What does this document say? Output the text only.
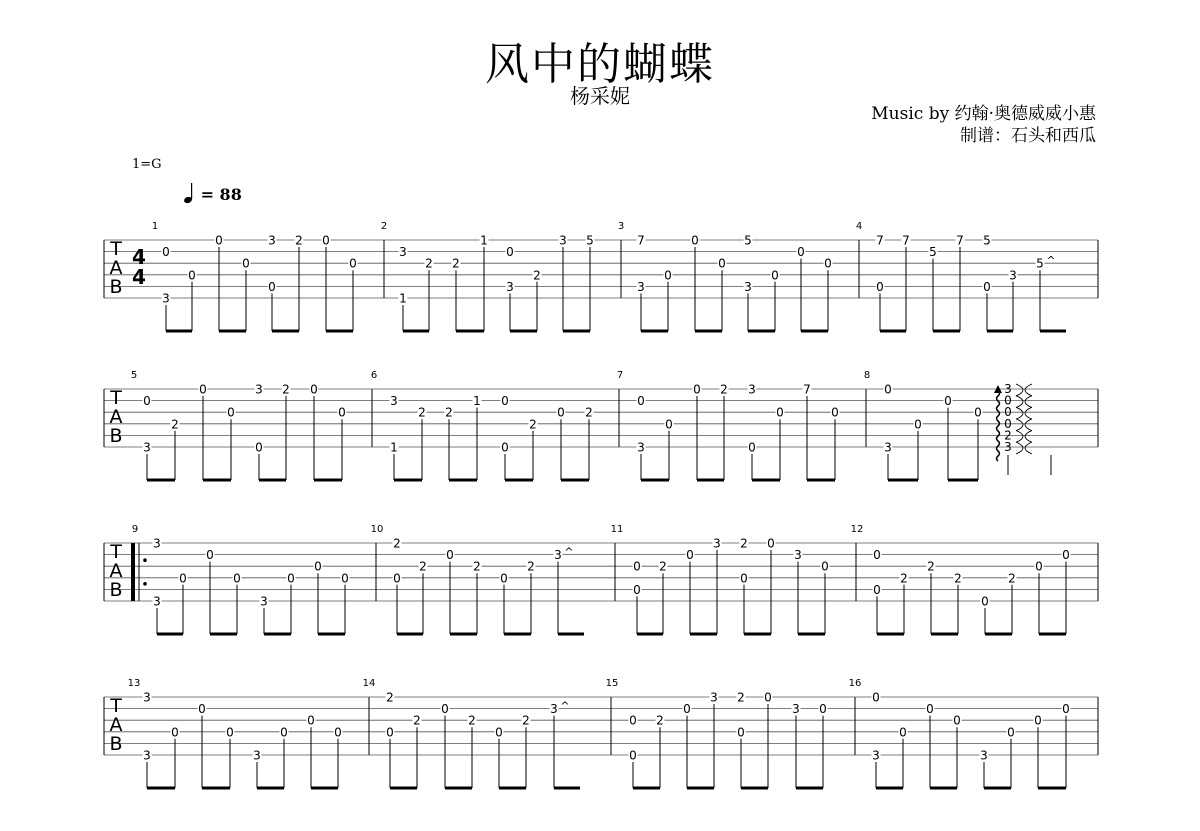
风中的蝴蝶
杨采妮
Music by 约翰·奥德威威小惠
制谱：石头和西瓜
1=G
= 88
T
A
B
1	2	3	4
0
3
0
0
0
3
0
2 0
0
3
1
2 2
1
0
3
2
3 5	7
3
0
0
0
5
3
0
0
0
7
0
7
5
7 5
0
3
5 ^
T
A
B
5	6	7	8
0
3
2
0
0
3
0
2 0
0
3
1
2 2
1 0
0
2
0 2
0
3
0
0 2 3
0
0
7
0
0
3
0
0
0
T
A
B
9	10	11	12
3
3
0
0
0
3
0
0
0
2
0
2
0
2
0
2
3 ^
0
0
2
0
3 2
0
0
3
0
0
0
2
2
2
0
2
0
0
T
A
B
13	14	15	16
3
3
0
0
0
3
0
0
0
2
0
2
0
2
0
2
3 ^
0
0
2
0
3 2
0
0
3 0
0
3
0
0
0
3
0
0
0
4
4
3
0
0
0
2
3
